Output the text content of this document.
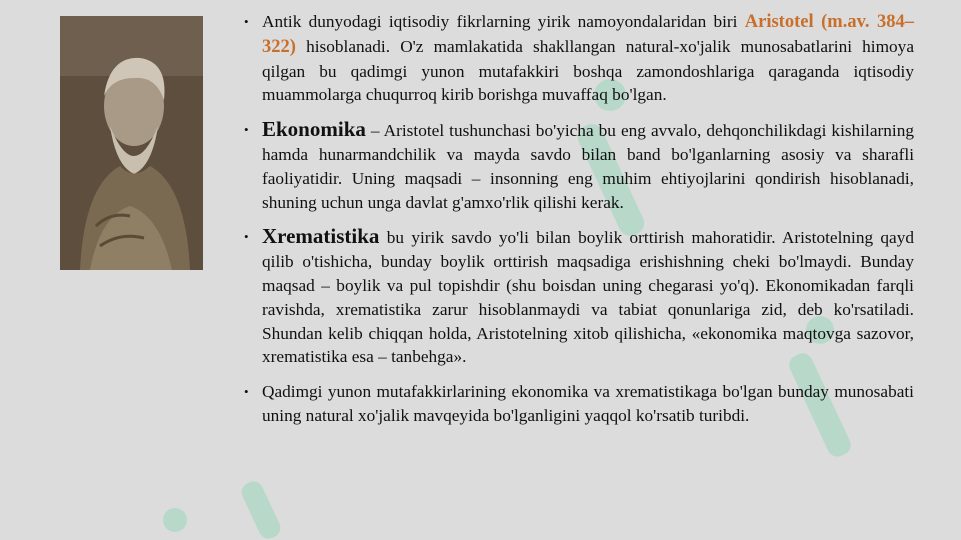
• Antik dunyodagi iqtisodiy fikrlarning yirik namoyondalaridan biri Aristotel (m.av. 384–322) hisoblanadi. O'z mamlakatida shakllangan natural-xo'jalik munosabatlarini himoya qilgan bu qadimgi yunon mutafakkiri boshqa zamondoshlariga qaraganda iqtisodiy muammolarga chuqurroq kirib borishga muvaffaq bo'lgan.
• Ekonomika – Aristotel tushunchasi bo'yicha bu eng avvalo, dehqonchilikdagi kishilarning hamda hunarmandchilik va mayda savdo bilan band bo'lganlarning asosiy va sharafli faoliyatidir. Uning maqsadi – insonning eng muhim ehtiyojlarini qondirish hisoblanadi, shuning uchun unga davlat g'amxo'rlik qilishi kerak.
• Xrematistika bu yirik savdo yo'li bilan boylik orttirish mahoratidir. Aristotelning qayd qilib o'tishicha, bunday boylik orttirish maqsadiga erishishning cheki bo'lmaydi. Bunday maqsad – boylik va pul topishdir (shu boisdan uning chegarasi yo'q). Ekonomikadan farqli ravishda, xrematistika zarur hisoblanmaydi va tabiat qonunlariga zid, deb ko'rsatiladi. Shundan kelib chiqqan holda, Aristotelning xitob qilishicha, «ekonomika maqtovga sazovor, xrematistika esa – tanbehga».
• Qadimgi yunon mutafakkirlarining ekonomika va xrematistikaga bo'lgan bunday munosabati uning natural xo'jalik mavqeyida bo'lganligini yaqqol ko'rsatib turibdi.
